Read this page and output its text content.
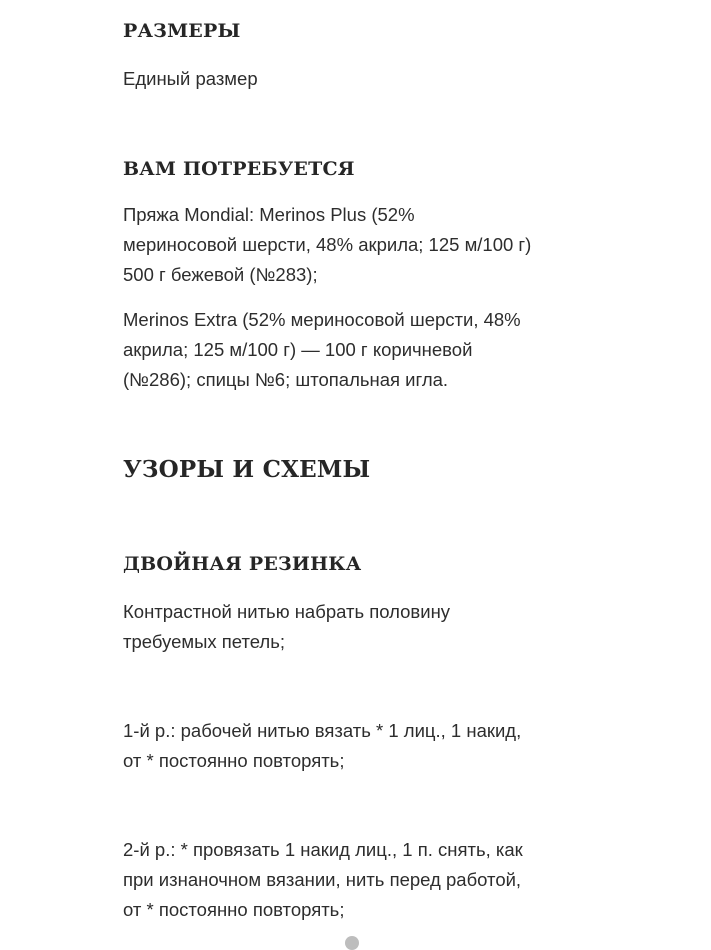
РАЗМЕРЫ

Единый размер

ВАМ ПОТРЕБУЕТСЯ

Пряжа Mondial: Merinos Plus (52%

мериносовой шерсти, 48% акрила; 125 м/100 г)

500 г бежевой (№283);

Merinos Extra (52% мериносовой шерсти, 48%

акрила; 125 м/100 г) — 100 г коричневой

(№286); спицы №6; штопальная игла.

УЗОРЫ И СХЕМЫ
ДВОЙНАЯ РЕЗИНКА

Контрастной нитью набрать половину

требуемых петель;

1-й р.: рабочей нитью вязать * 1 лиц., 1 накид,

от * постоянно повторять;

2-й р.: * провязать 1 накид лиц., 1 п. снять, как

при изнаночном вязании, нить перед работой,

от * постоянно повторять;
